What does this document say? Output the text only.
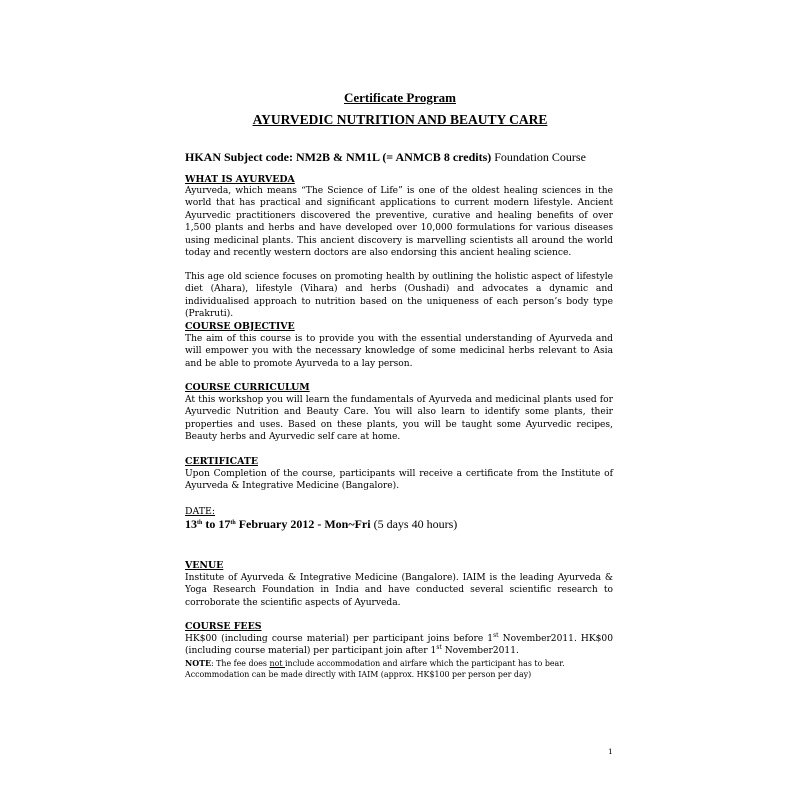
Certificate Program
AYURVEDIC NUTRITION AND BEAUTY CARE
HKAN Subject code: NM2B & NM1L (= ANMCB 8 credits) Foundation Course
WHAT IS AYURVEDA
Ayurveda, which means “The Science of Life” is one of the oldest healing sciences in the world that has practical and significant applications to current modern lifestyle. Ancient Ayurvedic practitioners discovered the preventive, curative and healing benefits of over 1,500 plants and herbs and have developed over 10,000 formulations for various diseases using medicinal plants. This ancient discovery is marvelling scientists all around the world today and recently western doctors are also endorsing this ancient healing science.
This age old science focuses on promoting health by outlining the holistic aspect of lifestyle diet (Ahara), lifestyle (Vihara) and herbs (Oushadi) and advocates a dynamic and individualised approach to nutrition based on the uniqueness of each person’s body type (Prakruti).
COURSE OBJECTIVE
The aim of this course is to provide you with the essential understanding of Ayurveda and will empower you with the necessary knowledge of some medicinal herbs relevant to Asia and be able to promote Ayurveda to a lay person.
COURSE CURRICULUM
At this workshop you will learn the fundamentals of Ayurveda and medicinal plants used for Ayurvedic Nutrition and Beauty Care. You will also learn to identify some plants, their properties and uses. Based on these plants, you will be taught some Ayurvedic recipes, Beauty herbs and Ayurvedic self care at home.
CERTIFICATE
Upon Completion of the course, participants will receive a certificate from the Institute of Ayurveda & Integrative Medicine (Bangalore).
DATE:
13th to 17th February 2012 - Mon~Fri (5 days 40 hours)
VENUE
Institute of Ayurveda & Integrative Medicine (Bangalore). IAIM is the leading Ayurveda & Yoga Research Foundation in India and have conducted several scientific research to corroborate the scientific aspects of Ayurveda.
COURSE FEES
HK$00 (including course material) per participant joins before 1st November2011. HK$00 (including course material) per participant join after 1st November2011.
NOTE: The fee does not include accommodation and airfare which the participant has to bear.
Accommodation can be made directly with IAIM (approx. HK$100 per person per day)
1
